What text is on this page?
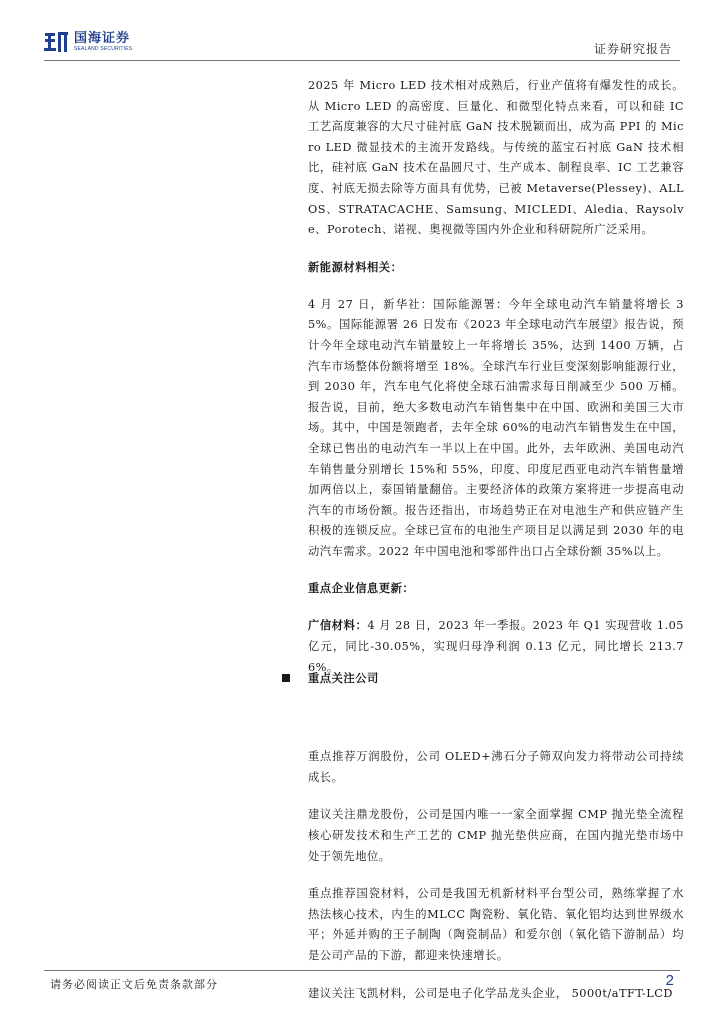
国海证券
SEALAND SECURITIES	证券研究报告

2025 年 Micro LED 技术相对成熟后，行业产值将有爆发性的成长。从 Micro LED 的高密度、巨量化、和微型化特点来看，可以和硅 IC 工艺高度兼容的大尺寸硅衬底 GaN 技术脱颖而出，成为高 PPI 的 Micro LED 微显技术的主流开发路线。与传统的蓝宝石衬底 GaN 技术相比，硅衬底 GaN 技术在晶圆尺寸、生产成本、制程良率、IC 工艺兼容度、衬底无损去除等方面具有优势，已被 Metaverse(Plessey)、ALLOS、STRATACACHE、Samsung、MICLEDI、Aledia、Raysolve、Porotech、诺视、奥视微等国内外企业和科研院所广泛采用。

新能源材料相关：

4 月 27 日，新华社：国际能源署：今年全球电动汽车销量将增长 35%。国际能源署 26 日发布《2023 年全球电动汽车展望》报告说，预计今年全球电动汽车销量较上一年将增长 35%，达到 1400 万辆，占汽车市场整体份额将增至 18%。全球汽车行业巨变深刻影响能源行业，到 2030 年，汽车电气化将使全球石油需求每日削减至少 500 万桶。报告说，目前，绝大多数电动汽车销售集中在中国、欧洲和美国三大市场。其中，中国是领跑者，去年全球 60%的电动汽车销售发生在中国，全球已售出的电动汽车一半以上在中国。此外，去年欧洲、美国电动汽车销售量分别增长 15%和 55%，印度、印度尼西亚电动汽车销售量增加两倍以上，泰国销量翻倍。主要经济体的政策方案将进一步提高电动汽车的市场份额。报告还指出，市场趋势正在对电池生产和供应链产生积极的连锁反应。全球已宣布的电池生产项目足以满足到 2030 年的电动汽车需求。2022 年中国电池和零部件出口占全球份额 35%以上。

重点企业信息更新：

广信材料：4 月 28 日，2023 年一季报。2023 年 Q1 实现营收 1.05 亿元，同比-30.05%，实现归母净利润 0.13 亿元，同比增长 213.76%。

重点推荐万润股份，公司 OLED+沸石分子筛双向发力将带动公司持续成长。

建议关注鼎龙股份，公司是国内唯一一家全面掌握 CMP 抛光垫全流程核心研发技术和生产工艺的 CMP 抛光垫供应商，在国内抛光垫市场中处于领先地位。

重点推荐国瓷材料，公司是我国无机新材料平台型公司，熟练掌握了水热法核心技术，内生的MLCC 陶瓷粉、氧化锆、氧化铝均达到世界级水平；外延并购的王子制陶（陶瓷制品）和爱尔创（氧化锆下游制品）均是公司产品的下游，都迎来快速增长。

建议关注飞凯材料，公司是电子化学品龙头企业， 5000t/aTFT-LCD

重点关注公司
请务必阅读正文后免责条款部分	2
